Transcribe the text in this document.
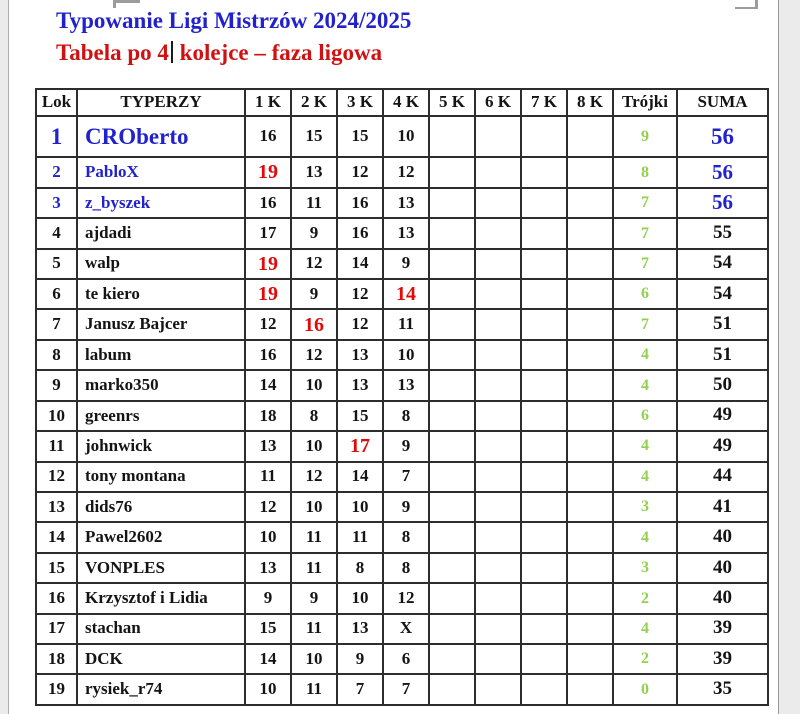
Typowanie Ligi Mistrzów 2024/2025
Tabela po 4 kolejce – faza ligowa
Lok	TYPERZY	1 K	2 K	3 K	4 K	5 K	6 K	7 K	8 K	Trójki	SUMA
1	CROberto	16	15	15	10					9	56
2	PabloX	19	13	12	12					8	56
3	z_byszek	16	11	16	13					7	56
4	ajdadi	17	9	16	13					7	55
5	walp	19	12	14	9					7	54
6	te kiero	19	9	12	14					6	54
7	Janusz Bajcer	12	16	12	11					7	51
8	labum	16	12	13	10					4	51
9	marko350	14	10	13	13					4	50
10	greenrs	18	8	15	8					6	49
11	johnwick	13	10	17	9					4	49
12	tony montana	11	12	14	7					4	44
13	dids76	12	10	10	9					3	41
14	Pawel2602	10	11	11	8					4	40
15	VONPLES	13	11	8	8					3	40
16	Krzysztof i Lidia	9	9	10	12					2	40
17	stachan	15	11	13	X					4	39
18	DCK	14	10	9	6					2	39
19	rysiek_r74	10	11	7	7					0	35
